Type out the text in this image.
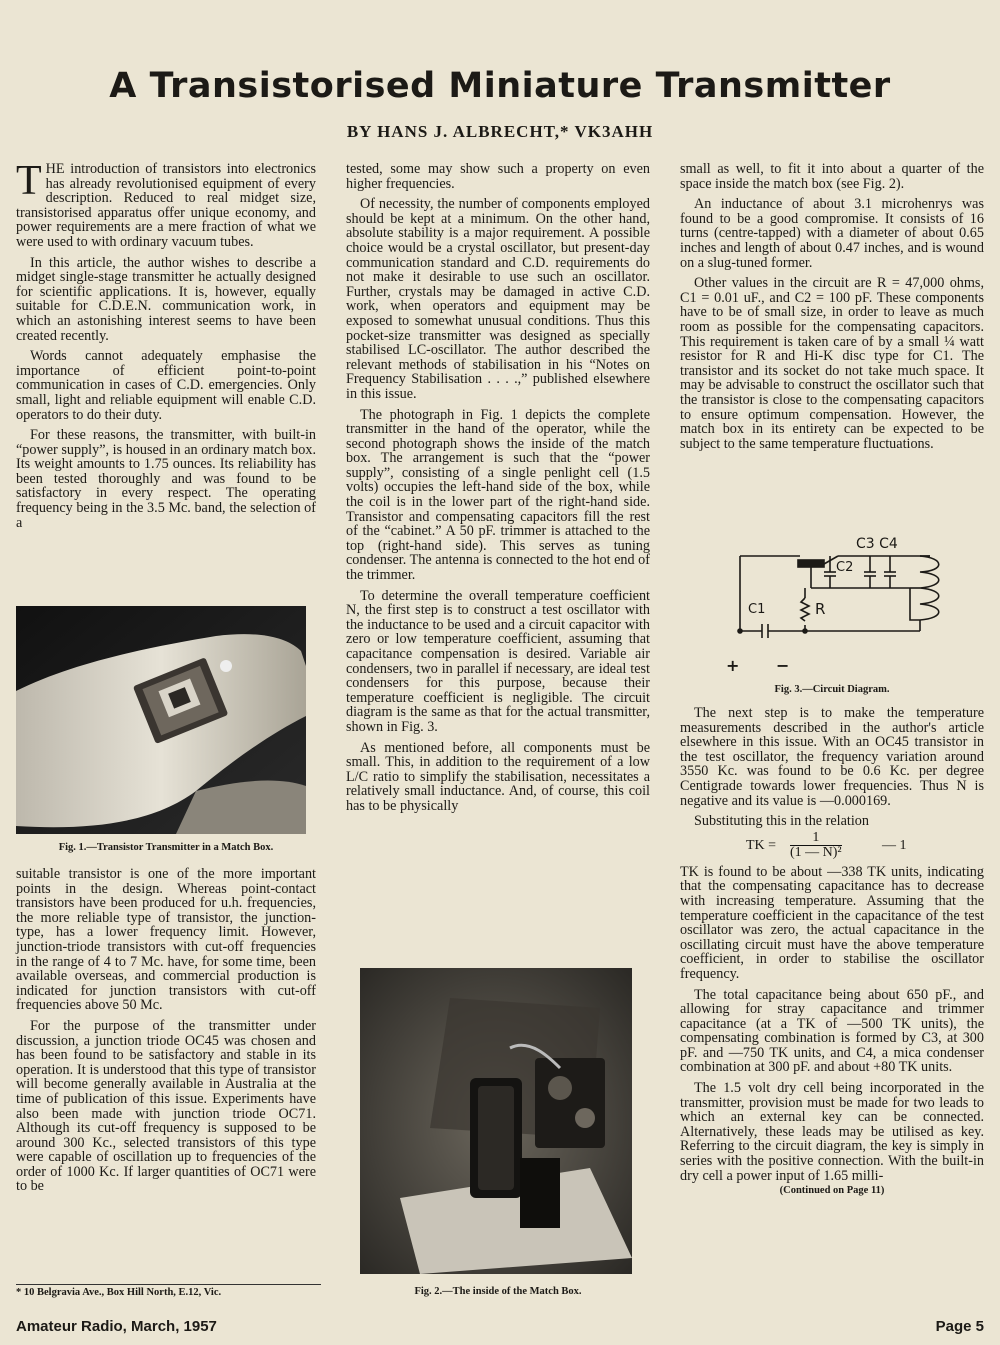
A Transistorised Miniature Transmitter
BY HANS J. ALBRECHT,* VK3AHH

THE introduction of transistors into electronics has already revolutionised equipment of every description. Reduced to real midget size, transistorised apparatus offer unique economy, and power requirements are a mere fraction of what we were used to with ordinary vacuum tubes.

In this article, the author wishes to describe a midget single-stage transmitter he actually designed for scientific applications. It is, however, equally suitable for C.D.E.N. communication work, in which an astonishing interest seems to have been created recently.

Words cannot adequately emphasise the importance of efficient point-to-point communication in cases of C.D. emergencies. Only small, light and reliable equipment will enable C.D. operators to do their duty.

For these reasons, the transmitter, with built-in “power supply”, is housed in an ordinary match box. Its weight amounts to 1.75 ounces. Its reliability has been tested thoroughly and was found to be satisfactory in every respect. The operating frequency being in the 3.5 Mc. band, the selection of a

Fig. 1.—Transistor Transmitter in a Match Box.

suitable transistor is one of the more important points in the design. Whereas point-contact transistors have been produced for u.h. frequencies, the more reliable type of transistor, the junction-type, has a lower frequency limit. However, junction-triode transistors with cut-off frequencies in the range of 4 to 7 Mc. have, for some time, been available overseas, and commercial production is indicated for junction transistors with cut-off frequencies above 50 Mc.

For the purpose of the transmitter under discussion, a junction triode OC45 was chosen and has been found to be satisfactory and stable in its operation. It is understood that this type of transistor will become generally available in Australia at the time of publication of this issue. Experiments have also been made with junction triode OC71. Although its cut-off frequency is supposed to be around 300 Kc., selected transistors of this type were capable of oscillation up to frequencies of the order of 1000 Kc. If larger quantities of OC71 were to be

* 10 Belgravia Ave., Box Hill North, E.12, Vic.

tested, some may show such a property on even higher frequencies.

Of necessity, the number of components employed should be kept at a minimum. On the other hand, absolute stability is a major requirement. A possible choice would be a crystal oscillator, but present-day communication standard and C.D. requirements do not make it desirable to use such an oscillator. Further, crystals may be damaged in active C.D. work, when operators and equipment may be exposed to somewhat unusual conditions. Thus this pocket-size transmitter was designed as specially stabilised LC-oscillator. The author described the relevant methods of stabilisation in his “Notes on Frequency Stabilisation . . . .,” published elsewhere in this issue.

The photograph in Fig. 1 depicts the complete transmitter in the hand of the operator, while the second photograph shows the inside of the match box. The arrangement is such that the “power supply”, consisting of a single penlight cell (1.5 volts) occupies the left-hand side of the box, while the coil is in the lower part of the right-hand side. Transistor and compensating capacitors fill the rest of the “cabinet.” A 50 pF. trimmer is attached to the top (right-hand side). This serves as tuning condenser. The antenna is connected to the hot end of the trimmer.

To determine the overall temperature coefficient N, the first step is to construct a test oscillator with the inductance to be used and a circuit capacitor with zero or low temperature coefficient, assuming that capacitance compensation is desired. Variable air condensers, two in parallel if necessary, are ideal test condensers for this purpose, because their temperature coefficient is negligible. The circuit diagram is the same as that for the actual transmitter, shown in Fig. 3.

As mentioned before, all components must be small. This, in addition to the requirement of a low L/C ratio to simplify the stabilisation, necessitates a relatively small inductance. And, of course, this coil has to be physically

Fig. 2.—The inside of the Match Box.

small as well, to fit it into about a quarter of the space inside the match box (see Fig. 2).

An inductance of about 3.1 microhenrys was found to be a good compromise. It consists of 16 turns (centre-tapped) with a diameter of about 0.65 inches and length of about 0.47 inches, and is wound on a slug-tuned former.

Other values in the circuit are R = 47,000 ohms, C1 = 0.01 uF., and C2 = 100 pF. These components have to be of small size, in order to leave as much room as possible for the compensating capacitors. This requirement is taken care of by a small ¼ watt resistor for R and Hi-K disc type for C1. The transistor and its socket do not take much space. It may be advisable to construct the oscillator such that the transistor is close to the compensating capacitors to ensure optimum compensation. However, the match box in its entirety can be expected to be subject to the same temperature fluctuations.

C3 C4
C2
C1	R
+ −
Fig. 3.—Circuit Diagram.

The next step is to make the temperature measurements described in the author's article elsewhere in this issue. With an OC45 transistor in the test oscillator, the frequency variation around 3550 Kc. was found to be 0.6 Kc. per degree Centigrade towards lower frequencies. Thus N is negative and its value is —0.000169.

Substituting this in the relation

TK = $\frac{1}{\text{(1 — N)²}}$	— 1

TK is found to be about —338 TK units, indicating that the compensating capacitance has to decrease with increasing temperature. Assuming that the temperature coefficient in the capacitance of the test oscillator was zero, the actual capacitance in the oscillating circuit must have the above temperature coefficient, in order to stabilise the oscillator frequency.

The total capacitance being about 650 pF., and allowing for stray capacitance and trimmer capacitance (at a TK of —500 TK units), the compensating combination is formed by C3, at 300 pF. and —750 TK units, and C4, a mica condenser combination at 300 pF. and about +80 TK units.

The 1.5 volt dry cell being incorporated in the transmitter, provision must be made for two leads to which an external key can be connected. Alternatively, these leads may be utilised as key. Referring to the circuit diagram, the key is simply in series with the positive connection. With the built-in dry cell a power input of 1.65 milli-

(Continued on Page 11)
Amateur Radio, March, 1957	Page 5
